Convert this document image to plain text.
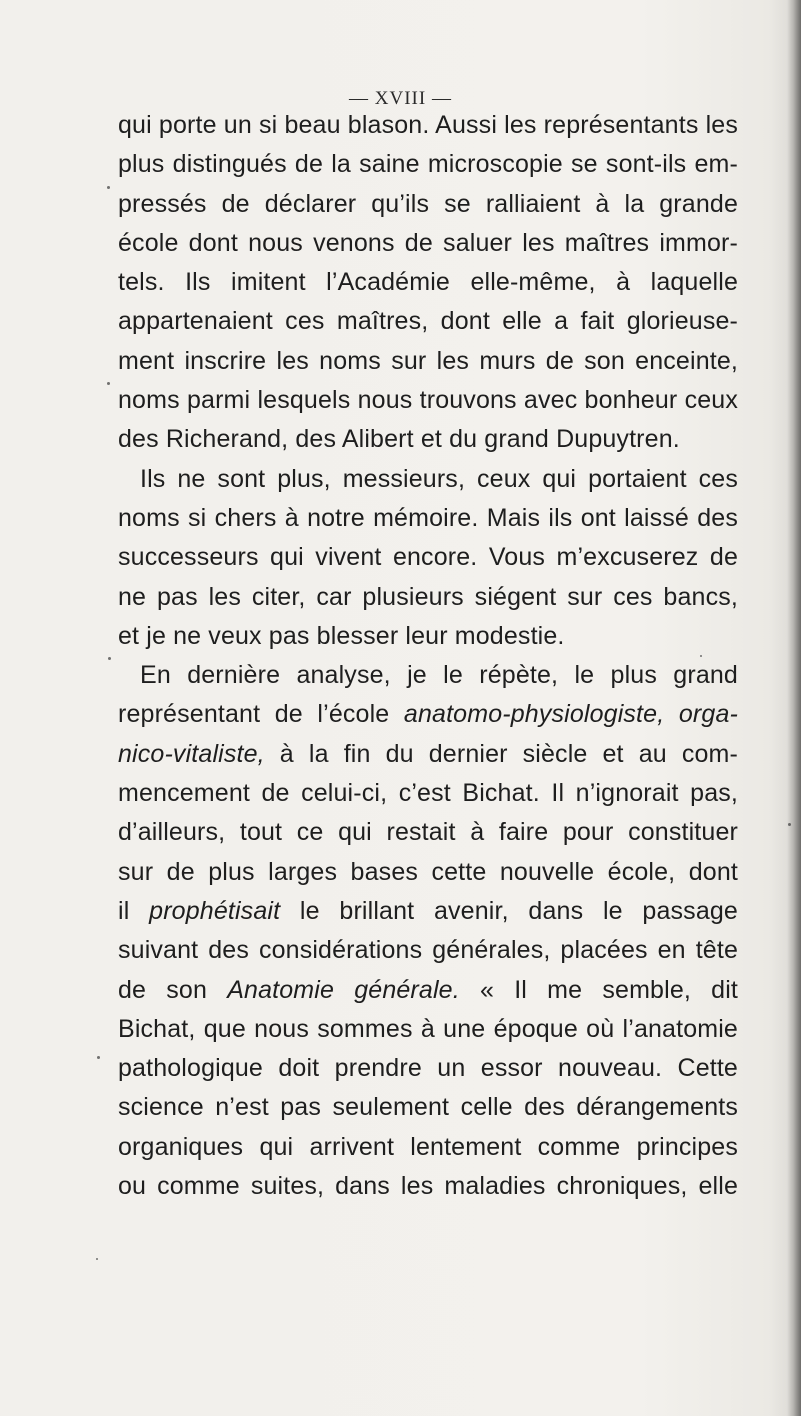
— XVIII —
qui porte un si beau blason. Aussi les représentants les
plus distingués de la saine microscopie se sont-ils em-
pressés de déclarer qu’ils se ralliaient à la grande
école dont nous venons de saluer les maîtres immor-
tels. Ils imitent l’Académie elle-même, à laquelle
appartenaient ces maîtres, dont elle a fait glorieuse-
ment inscrire les noms sur les murs de son enceinte,
noms parmi lesquels nous trouvons avec bonheur ceux
des Richerand, des Alibert et du grand Dupuytren.
Ils ne sont plus, messieurs, ceux qui portaient ces
noms si chers à notre mémoire. Mais ils ont laissé des
successeurs qui vivent encore. Vous m’excuserez de
ne pas les citer, car plusieurs siégent sur ces bancs,
et je ne veux pas blesser leur modestie.
En dernière analyse, je le répète, le plus grand
représentant de l’école anatomo-physiologiste, orga-
nico-vitaliste, à la fin du dernier siècle et au com-
mencement de celui-ci, c’est Bichat. Il n’ignorait pas,
d’ailleurs, tout ce qui restait à faire pour constituer
sur de plus larges bases cette nouvelle école, dont
il prophétisait le brillant avenir, dans le passage
suivant des considérations générales, placées en tête
de son Anatomie générale. « Il me semble, dit
Bichat, que nous sommes à une époque où l’anatomie
pathologique doit prendre un essor nouveau. Cette
science n’est pas seulement celle des dérangements
organiques qui arrivent lentement comme principes
ou comme suites, dans les maladies chroniques, elle
